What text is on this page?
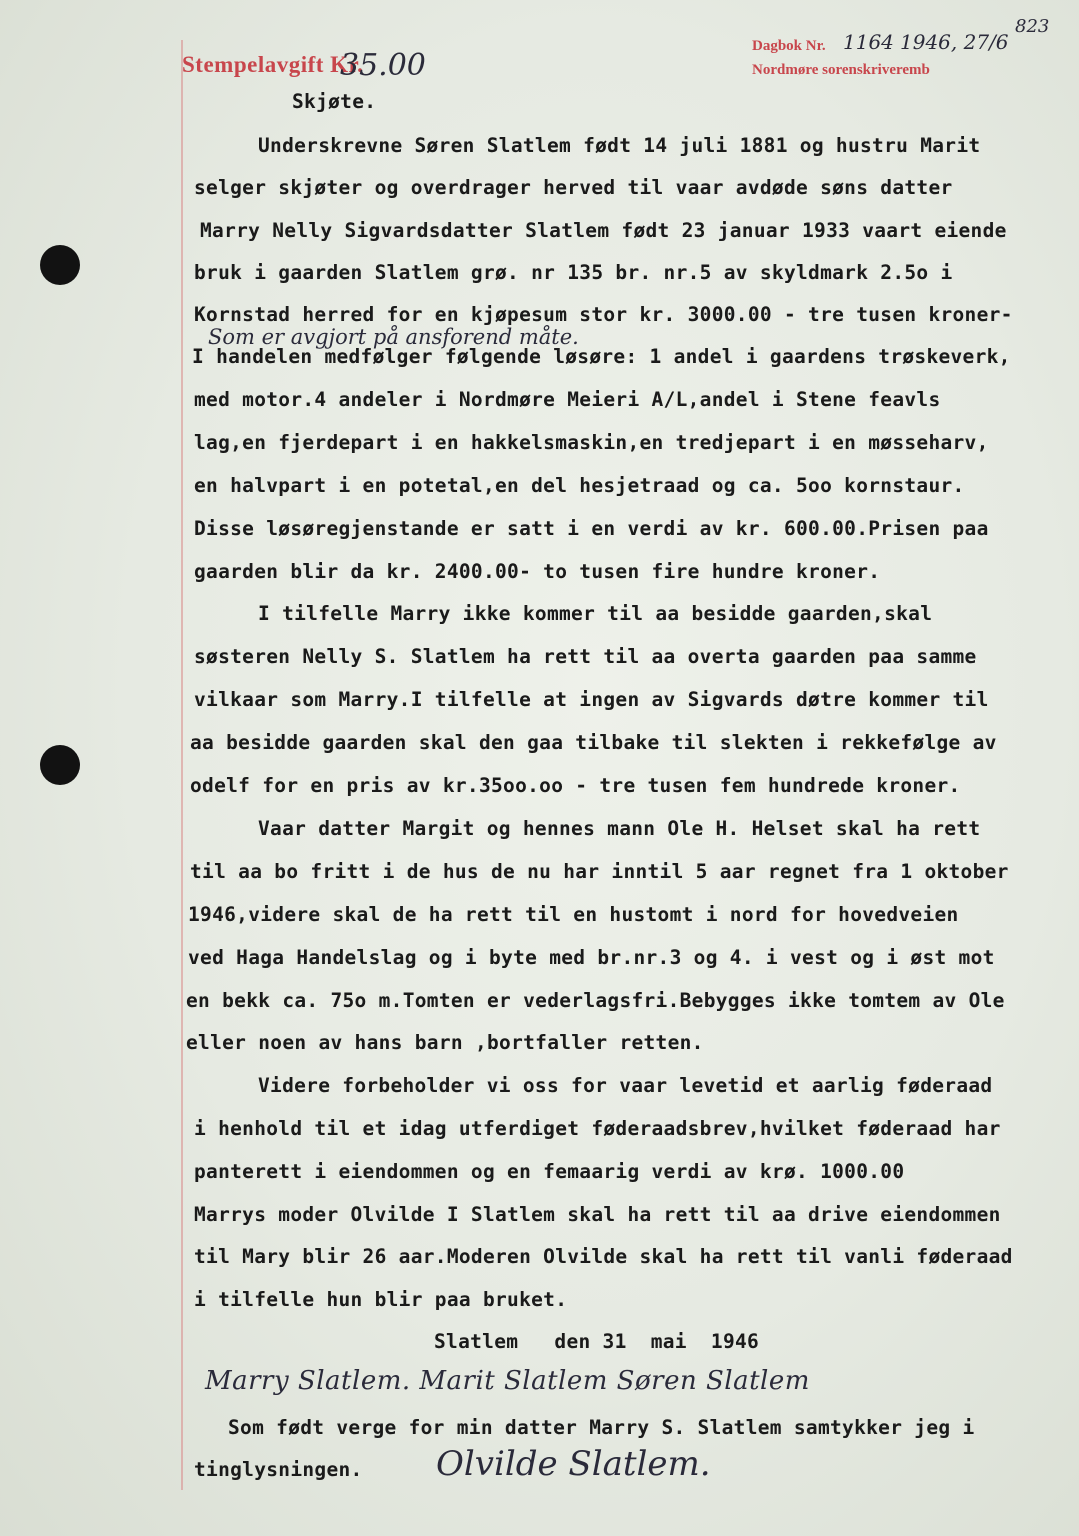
Stempelavgift Kr.
35.00
Dagbok Nr. 1164 1946, 27/6
Nordmøre sorenskriveremb
823
Skjøte.
Underskrevne Søren Slatlem født 14 juli 1881 og hustru Marit
selger skjøter og overdrager herved til vaar avdøde søns datter
Marry Nelly Sigvardsdatter Slatlem født 23 januar 1933 vaart eiende
bruk i gaarden Slatlem grø. nr 135 br. nr.5 av skyldmark 2.5o i
Kornstad herred for en kjøpesum stor kr. 3000.00 - tre tusen kroner-
Som er avgjort på ansforend måte.
I handelen medfølger følgende løsøre: 1 andel i gaardens trøskeverk,
med motor.4 andeler i Nordmøre Meieri A/L,andel i Stene feavls
lag,en fjerdepart i en hakkelsmaskin,en tredjepart i en møsseharv,
en halvpart i en potetal,en del hesjetraad og ca. 5oo kornstaur.
Disse løsøregjenstande er satt i en verdi av kr. 600.00.Prisen paa
gaarden blir da kr. 2400.00- to tusen fire hundre kroner.
I tilfelle Marry ikke kommer til aa besidde gaarden,skal
søsteren Nelly S. Slatlem ha rett til aa overta gaarden paa samme
vilkaar som Marry.I tilfelle at ingen av Sigvards døtre kommer til
aa besidde gaarden skal den gaa tilbake til slekten i rekkefølge av
odelf for en pris av kr.35oo.oo - tre tusen fem hundrede kroner.
Vaar datter Margit og hennes mann Ole H. Helset skal ha rett
til aa bo fritt i de hus de nu har inntil 5 aar regnet fra 1 oktober
1946,videre skal de ha rett til en hustomt i nord for hovedveien
ved Haga Handelslag og i byte med br.nr.3 og 4. i vest og i øst mot
en bekk ca. 75o m.Tomten er vederlagsfri.Bebygges ikke tomtem av Ole
eller noen av hans barn ,bortfaller retten.
Videre forbeholder vi oss for vaar levetid et aarlig føderaad
i henhold til et idag utferdiget føderaadsbrev,hvilket føderaad har
panterett i eiendommen og en femaarig verdi av krø. 1000.00
Marrys moder Olvilde I Slatlem skal ha rett til aa drive eiendommen
til Mary blir 26 aar.Moderen Olvilde skal ha rett til vanli føderaad
i tilfelle hun blir paa bruket.
Slatlem   den 31  mai  1946
Marry Slatlem. Marit Slatlem Søren Slatlem
Som født verge for min datter Marry S. Slatlem samtykker jeg i
tinglysningen. Olvilde Slatlem.
